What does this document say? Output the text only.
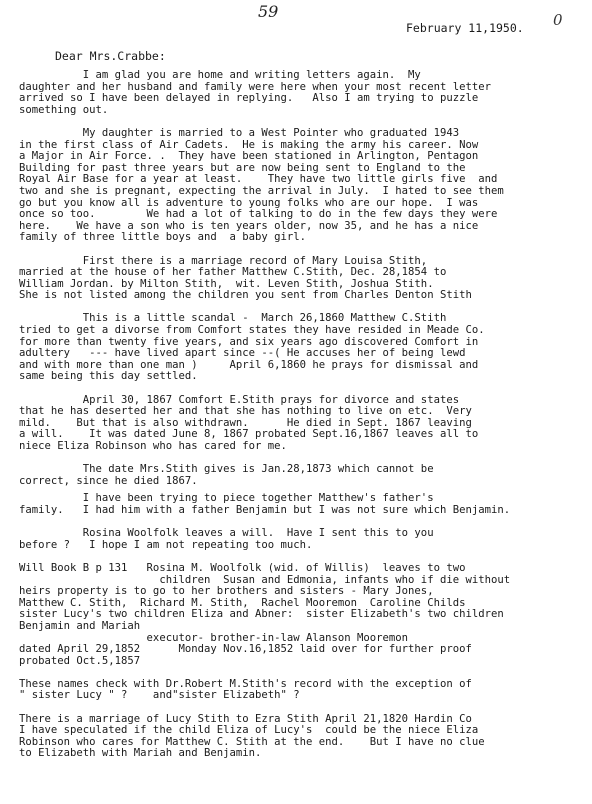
59
February 11,1950. 0
Dear Mrs.Crabbe:
I am glad you are home and writing letters again.  My
daughter and her husband and family were here when your most recent letter
arrived so I have been delayed in replying.   Also I am trying to puzzle
something out.
My daughter is married to a West Pointer who graduated 1943
in the first class of Air Cadets.  He is making the army his career. Now
a Major in Air Force. .  They have been stationed in Arlington, Pentagon
Building for past three years but are now being sent to England to the
Royal Air Base for a year at least.    They have two little girls five  and
two and she is pregnant, expecting the arrival in July.  I hated to see them
go but you know all is adventure to young folks who are our hope.  I was
once so too.        We had a lot of talking to do in the few days they were
here.    We have a son who is ten years older, now 35, and he has a nice
family of three little boys and  a baby girl.
First there is a marriage record of Mary Louisa Stith,
married at the house of her father Matthew C.Stith, Dec. 28,1854 to
William Jordan. by Milton Stith,  wit. Leven Stith, Joshua Stith.
She is not listed among the children you sent from Charles Denton Stith
This is a little scandal -  March 26,1860 Matthew C.Stith
tried to get a divorse from Comfort states they have resided in Meade Co.
for more than twenty five years, and six years ago discovered Comfort in
adultery   --- have lived apart since --( He accuses her of being lewd
and with more than one man )     April 6,1860 he prays for dismissal and
same being this day settled.
April 30, 1867 Comfort E.Stith prays for divorce and states
that he has deserted her and that she has nothing to live on etc.  Very
mild.    But that is also withdrawn.      He died in Sept. 1867 leaving
a will.    It was dated June 8, 1867 probated Sept.16,1867 leaves all to
niece Eliza Robinson who has cared for me.
The date Mrs.Stith gives is Jan.28,1873 which cannot be
correct, since he died 1867.
I have been trying to piece together Matthew's father's
family.   I had him with a father Benjamin but I was not sure which Benjamin.
Rosina Woolfolk leaves a will.  Have I sent this to you
before ?   I hope I am not repeating too much.
Will Book B p 131   Rosina M. Woolfolk (wid. of Willis)  leaves to two
children  Susan and Edmonia, infants who if die without
heirs property is to go to her brothers and sisters - Mary Jones,
Matthew C. Stith,  Richard M. Stith,  Rachel Mooremon  Caroline Childs
sister Lucy's two children Eliza and Abner:  sister Elizabeth's two children
Benjamin and Mariah
executor- brother-in-law Alanson Mooremon
dated April 29,1852      Monday Nov.16,1852 laid over for further proof
probated Oct.5,1857
These names check with Dr.Robert M.Stith's record with the exception of
" sister Lucy " ?    and"sister Elizabeth" ?
There is a marriage of Lucy Stith to Ezra Stith April 21,1820 Hardin Co
I have speculated if the child Eliza of Lucy's  could be the niece Eliza
Robinson who cares for Matthew C. Stith at the end.    But I have no clue
to Elizabeth with Mariah and Benjamin.
